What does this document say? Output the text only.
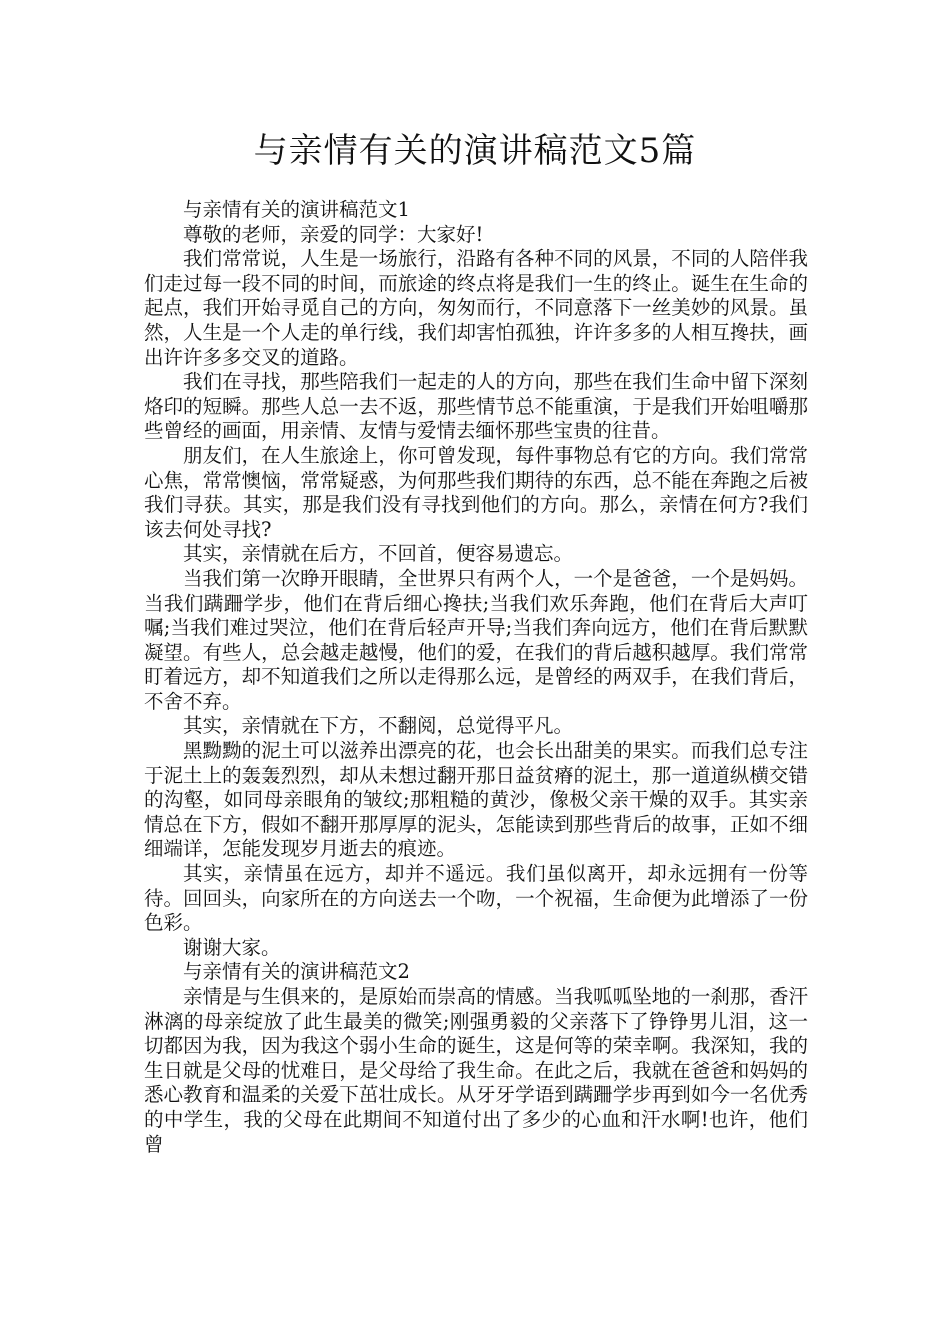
与亲情有关的演讲稿范文5篇

与亲情有关的演讲稿范文1

尊敬的老师，亲爱的同学：大家好!

我们常常说，人生是一场旅行，沿路有各种不同的风景，不同的人陪伴我们走过每一段不同的时间，而旅途的终点将是我们一生的终止。诞生在生命的起点，我们开始寻觅自己的方向，匆匆而行，不同意落下一丝美妙的风景。虽然，人生是一个人走的单行线，我们却害怕孤独，许许多多的人相互搀扶，画出许许多多交叉的道路。

我们在寻找，那些陪我们一起走的人的方向，那些在我们生命中留下深刻烙印的短瞬。那些人总一去不返，那些情节总不能重演，于是我们开始咀嚼那些曾经的画面，用亲情、友情与爱情去缅怀那些宝贵的往昔。

朋友们，在人生旅途上，你可曾发现，每件事物总有它的方向。我们常常心焦，常常懊恼，常常疑惑，为何那些我们期待的东西，总不能在奔跑之后被我们寻获。其实，那是我们没有寻找到他们的方向。那么，亲情在何方?我们该去何处寻找?

其实，亲情就在后方，不回首，便容易遗忘。

当我们第一次睁开眼睛，全世界只有两个人，一个是爸爸，一个是妈妈。当我们蹒跚学步，他们在背后细心搀扶;当我们欢乐奔跑，他们在背后大声叮嘱;当我们难过哭泣，他们在背后轻声开导;当我们奔向远方，他们在背后默默凝望。有些人，总会越走越慢，他们的爱，在我们的背后越积越厚。我们常常盯着远方，却不知道我们之所以走得那么远，是曾经的两双手，在我们背后，不舍不弃。

其实，亲情就在下方，不翻阅，总觉得平凡。

黑黝黝的泥土可以滋养出漂亮的花，也会长出甜美的果实。而我们总专注于泥土上的轰轰烈烈，却从未想过翻开那日益贫瘠的泥土，那一道道纵横交错的沟壑，如同母亲眼角的皱纹;那粗糙的黄沙，像极父亲干燥的双手。其实亲情总在下方，假如不翻开那厚厚的泥头，怎能读到那些背后的故事，正如不细细端详，怎能发现岁月逝去的痕迹。

其实，亲情虽在远方，却并不遥远。我们虽似离开，却永远拥有一份等待。回回头，向家所在的方向送去一个吻，一个祝福，生命便为此增添了一份色彩。

谢谢大家。

与亲情有关的演讲稿范文2

亲情是与生俱来的，是原始而崇高的情感。当我呱呱坠地的一刹那，香汗淋漓的母亲绽放了此生最美的微笑;刚强勇毅的父亲落下了铮铮男儿泪，这一切都因为我，因为我这个弱小生命的诞生，这是何等的荣幸啊。我深知，我的生日就是父母的忧难日，是父母给了我生命。在此之后，我就在爸爸和妈妈的悉心教育和温柔的关爱下茁壮成长。从牙牙学语到蹒跚学步再到如今一名优秀的中学生，我的父母在此期间不知道付出了多少的心血和汗水啊!也许，他们曾
